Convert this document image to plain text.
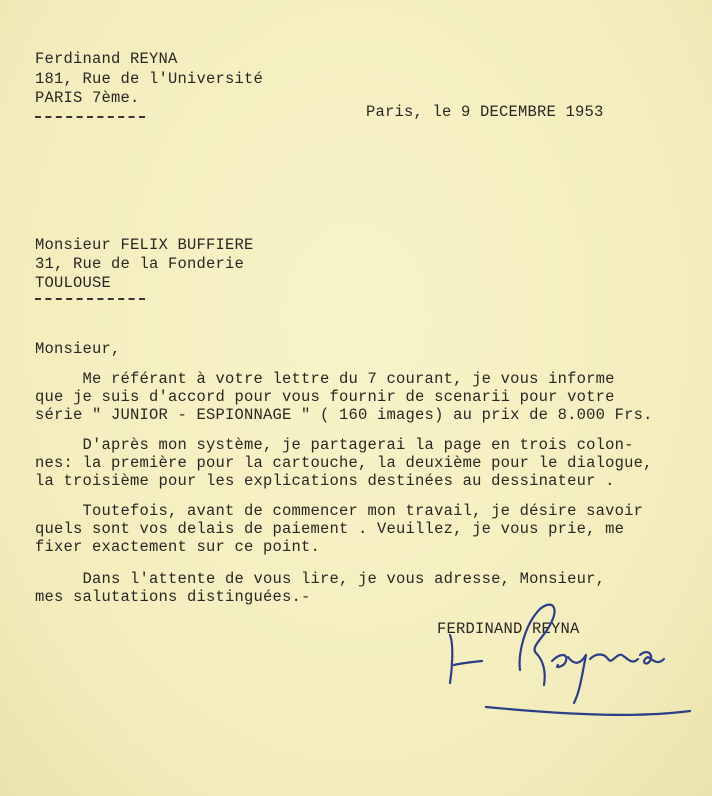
Ferdinand REYNA
181, Rue de l'Université
PARIS 7ème.
Paris, le 9 DECEMBRE 1953
Monsieur FELIX BUFFIERE
31, Rue de la Fonderie
TOULOUSE
Monsieur,
Me référant à votre lettre du 7 courant, je vous informe
que je suis d'accord pour vous fournir de scenarii pour votre
série " JUNIOR - ESPIONNAGE " ( 160 images) au prix de 8.000 Frs.
D'après mon système, je partagerai la page en trois colon-
nes: la première pour la cartouche, la deuxième pour le dialogue,
la troisième pour les explications destinées au dessinateur .
Toutefois, avant de commencer mon travail, je désire savoir
quels sont vos delais de paiement . Veuillez, je vous prie, me
fixer exactement sur ce point.
Dans l'attente de vous lire, je vous adresse, Monsieur,
mes salutations distinguées.-
FERDINAND REYNA
